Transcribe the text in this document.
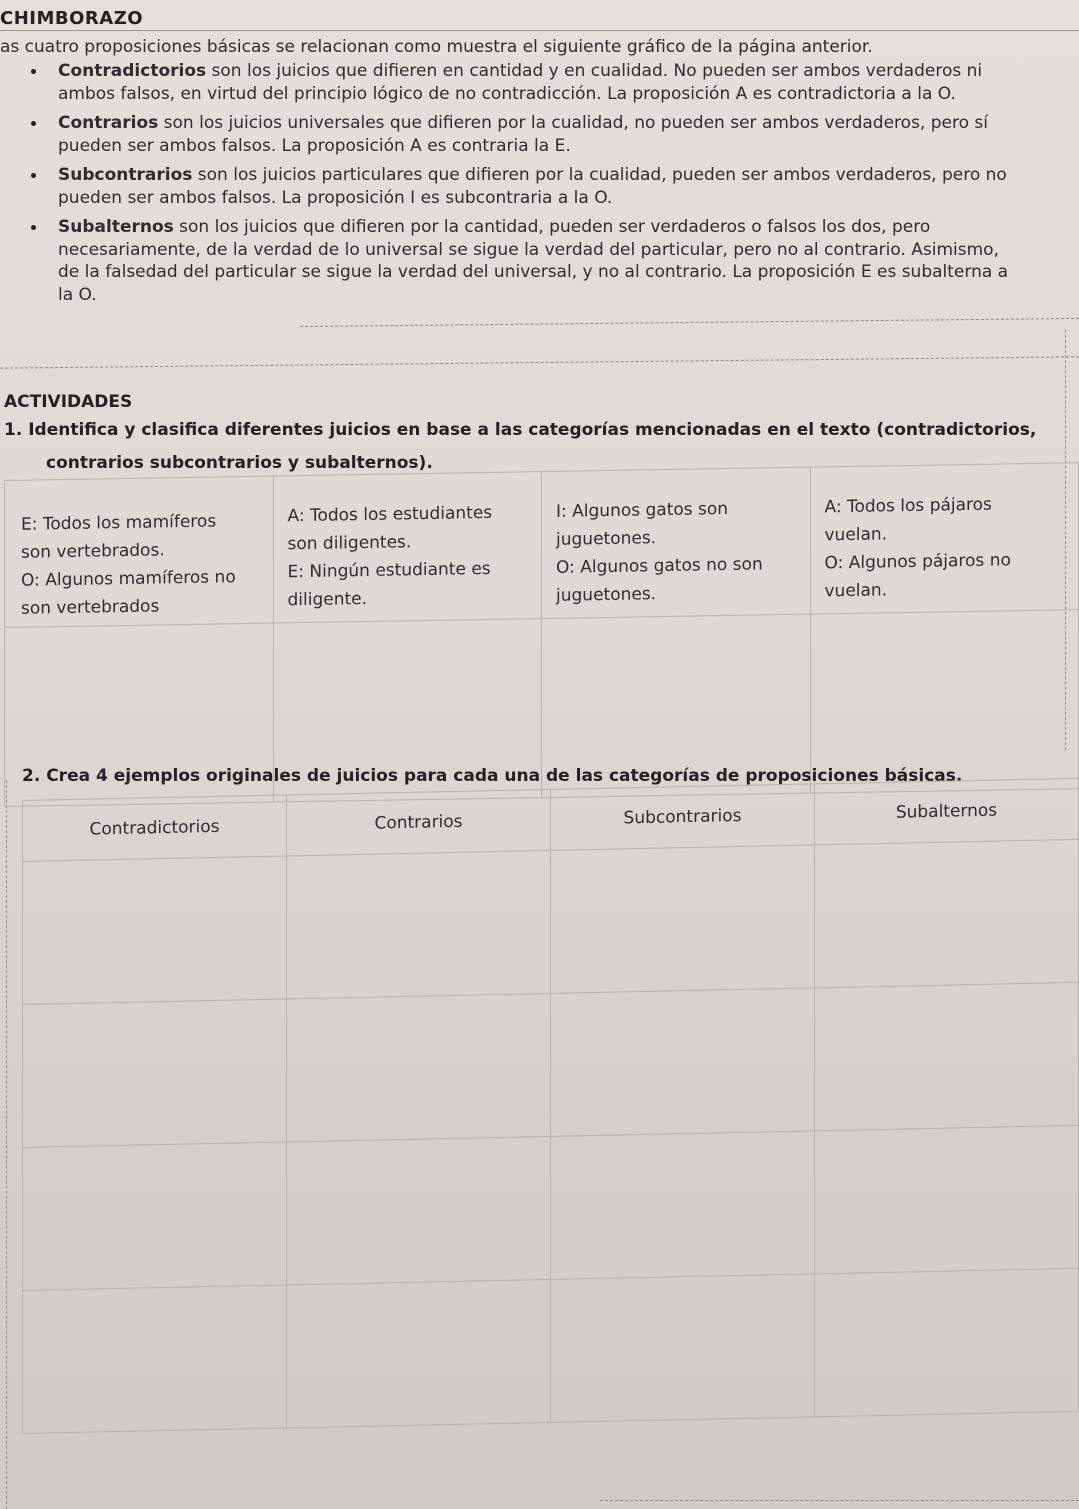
CHIMBORAZO
as cuatro proposiciones básicas se relacionan como muestra el siguiente gráfico de la página anterior.
Contradictorios son los juicios que difieren en cantidad y en cualidad. No pueden ser ambos verdaderos ni
ambos falsos, en virtud del principio lógico de no contradicción. La proposición A es contradictoria a la O.
Contrarios son los juicios universales que difieren por la cualidad, no pueden ser ambos verdaderos, pero sí
pueden ser ambos falsos. La proposición A es contraria la E.
Subcontrarios son los juicios particulares que difieren por la cualidad, pueden ser ambos verdaderos, pero no
pueden ser ambos falsos. La proposición I es subcontraria a la O.
Subalternos son los juicios que difieren por la cantidad, pueden ser verdaderos o falsos los dos, pero
necesariamente, de la verdad de lo universal se sigue la verdad del particular, pero no al contrario. Asimismo,
de la falsedad del particular se sigue la verdad del universal, y no al contrario. La proposición E es subalterna a
la O.
ACTIVIDADES
1. Identifica y clasifica diferentes juicios en base a las categorías mencionadas en el texto (contradictorios,
contrarios subcontrarios y subalternos).
E: Todos los mamíferos
son vertebrados.
O: Algunos mamíferos no
son vertebrados	A: Todos los estudiantes
son diligentes.
E: Ningún estudiante es
diligente.	I: Algunos gatos son
juguetones.
O: Algunos gatos no son
juguetones.	A: Todos los pájaros
vuelan.
O: Algunos pájaros no
vuelan.

2. Crea 4 ejemplos originales de juicios para cada una de las categorías de proposiciones básicas.
Contradictorios	Contrarios	Subcontrarios	Subalternos
